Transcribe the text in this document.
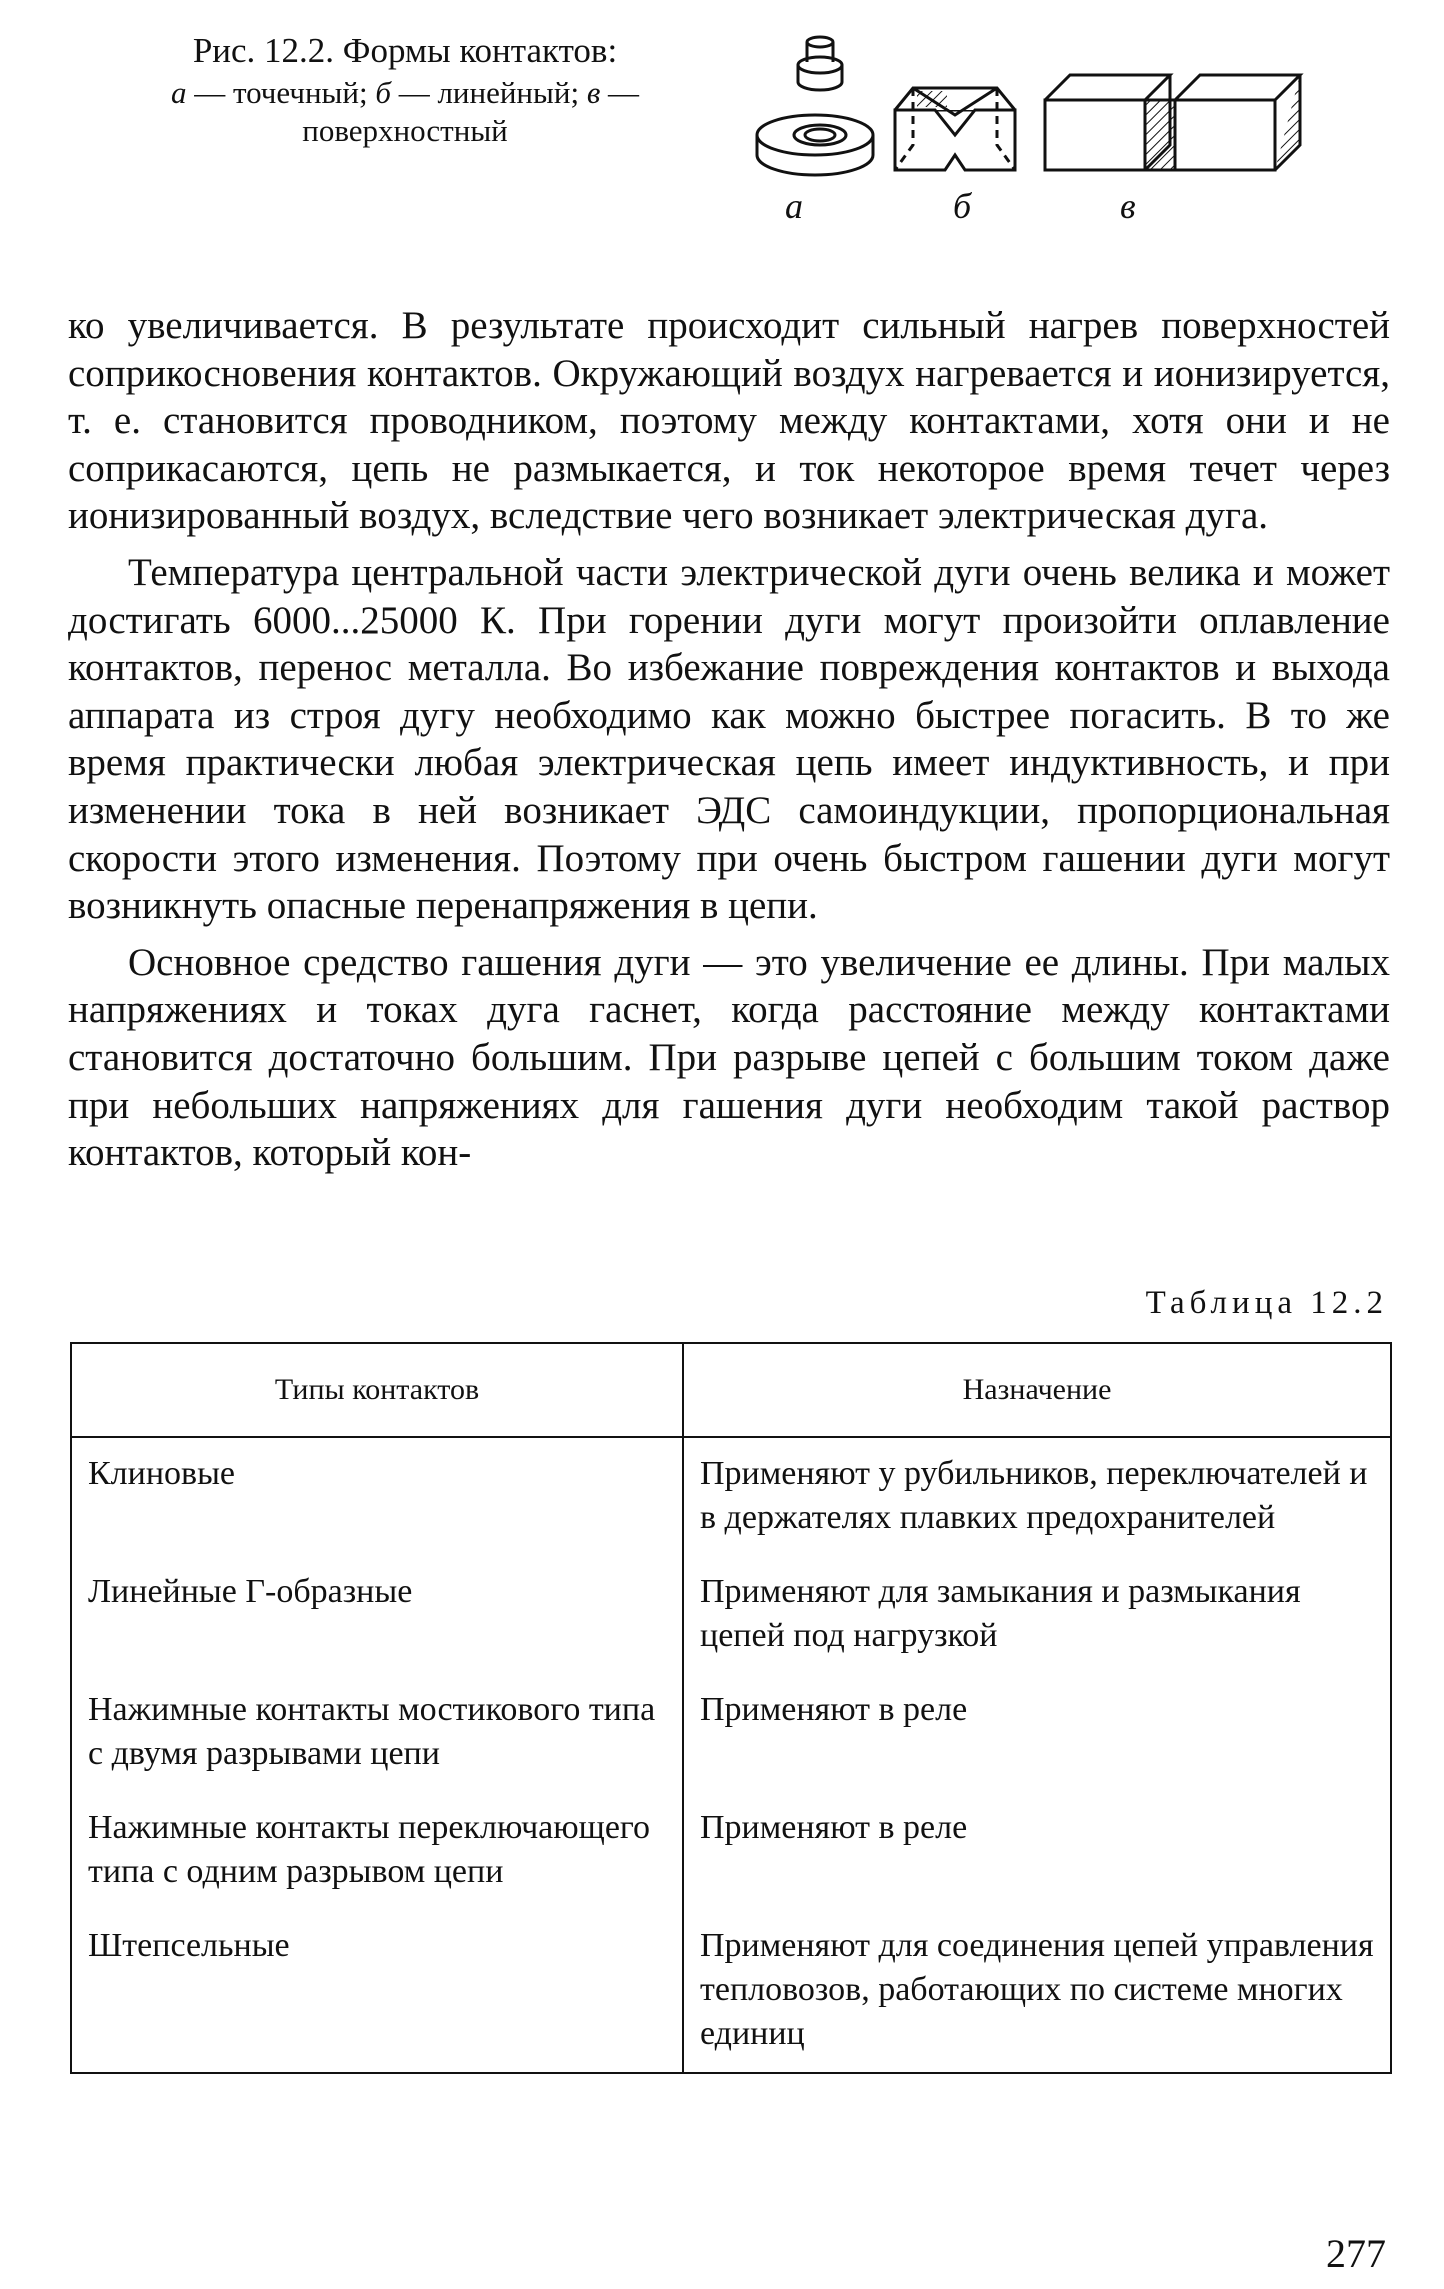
Рис. 12.2. Формы контактов:
а — точечный; б — линейный; в —
поверхностный
а	б	в

ко увеличивается. В результате происходит сильный нагрев поверхностей соприкосновения контактов. Окружающий воздух нагревается и ионизируется, т. е. становится проводником, поэтому между контактами, хотя они и не соприкасаются, цепь не размыкается, и ток некоторое время течет через ионизированный воздух, вследствие чего возникает электрическая дуга.

Температура центральной части электрической дуги очень велика и может достигать 6000...25000 К. При горении дуги могут произойти оплавление контактов, перенос металла. Во избежание повреждения контактов и выхода аппарата из строя дугу необходимо как можно быстрее погасить. В то же время практически любая электрическая цепь имеет индуктивность, и при изменении тока в ней возникает ЭДС самоиндукции, пропорциональная скорости этого изменения. Поэтому при очень быстром гашении дуги могут возникнуть опасные перенапряжения в цепи.

Основное средство гашения дуги — это увеличение ее длины. При малых напряжениях и токах дуга гаснет, когда расстояние между контактами становится достаточно большим. При разрыве цепей с большим током даже при небольших напряжениях для гашения дуги необходим такой раствор контактов, который кон-

Таблица 12.2
Типы контактов	Назначение
Клиновые	Применяют у рубильников, переключателей и в держателях плавких предохранителей
Линейные Г-образные	Применяют для замыкания и размыкания цепей под нагрузкой
Нажимные контакты мостикового типа с двумя разрывами цепи	Применяют в реле
Нажимные контакты переключающего типа с одним разрывом цепи	Применяют в реле
Штепсельные	Применяют для соединения цепей управления тепловозов, работающих по системе многих единиц
277
